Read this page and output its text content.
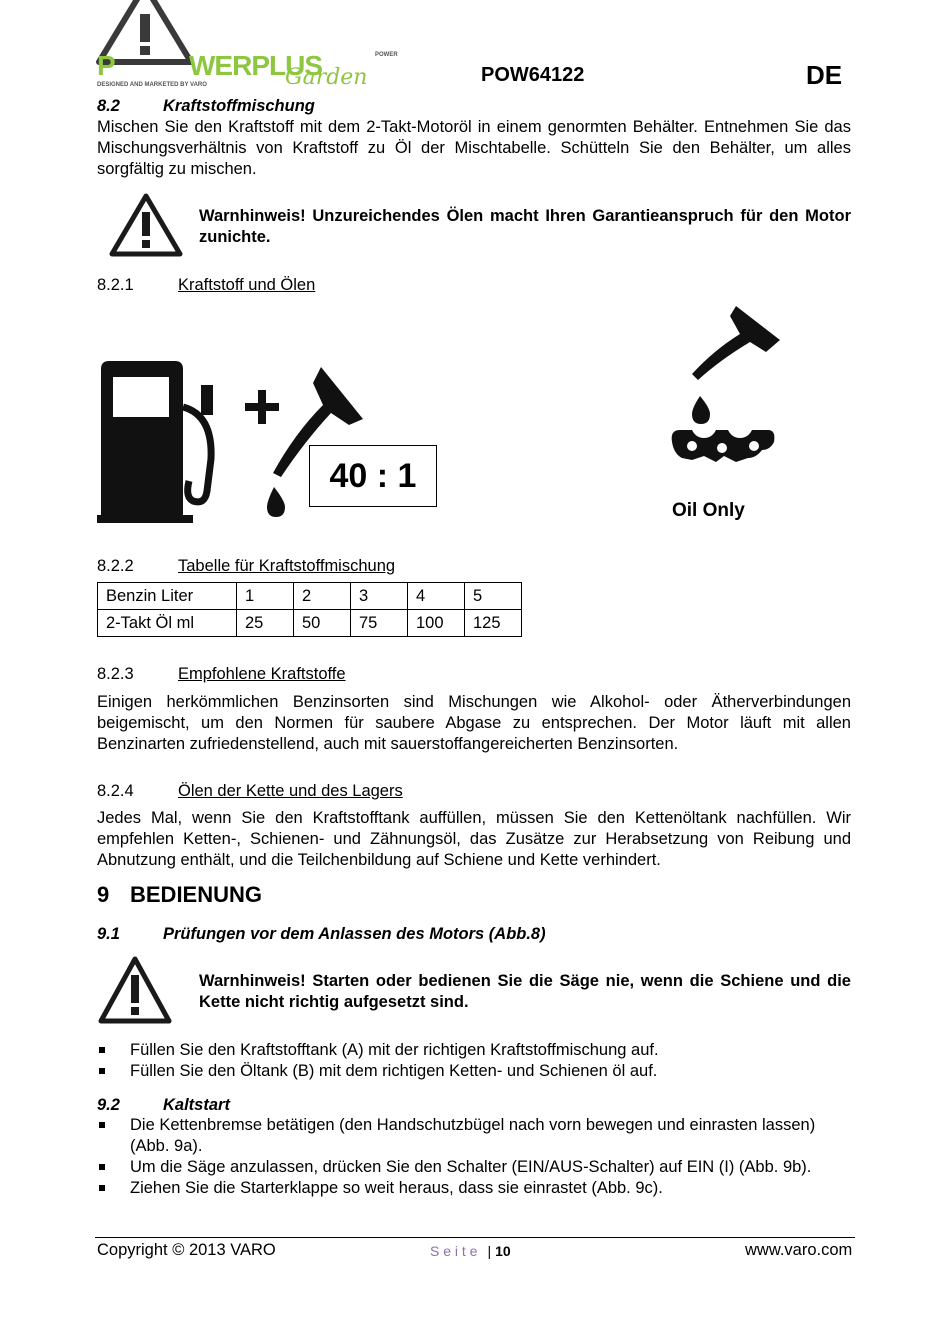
P	WERPLUS
Garden
POWER
DESIGNED AND MARKETED BY VARO	POW64122	DE
8.2	Kraftstoffmischung
Mischen Sie den Kraftstoff mit dem 2-Takt-Motoröl in einem genormten Behälter. Entnehmen Sie das Mischungsverhältnis von Kraftstoff zu Öl der Mischtabelle. Schütteln Sie den Behälter, um alles sorgfältig zu mischen.
Warnhinweis! Unzureichendes Ölen macht Ihren Garantieanspruch für den Motor zunichte.
8.2.1	Kraftstoff und Ölen
40 : 1
Oil Only
8.2.2	Tabelle für Kraftstoffmischung
Benzin Liter	1	2	3	4	5
2-Takt Öl ml	25	50	75	100	125
8.2.3	Empfohlene Kraftstoffe
Einigen herkömmlichen Benzinsorten sind Mischungen wie Alkohol- oder Ätherverbindungen beigemischt, um den Normen für saubere Abgase zu entsprechen. Der Motor läuft mit allen Benzinarten zufriedenstellend, auch mit sauerstoffangereicherten Benzinsorten.
8.2.4	Ölen der Kette und des Lagers
Jedes Mal, wenn Sie den Kraftstofftank auffüllen, müssen Sie den Kettenöltank nachfüllen. Wir empfehlen Ketten-, Schienen- und Zähnungsöl, das Zusätze zur Herabsetzung von Reibung und Abnutzung enthält, und die Teilchenbildung auf Schiene und Kette verhindert.
9 BEDIENUNG
9.1	Prüfungen vor dem Anlassen des Motors (Abb.8)
Warnhinweis! Starten oder bedienen Sie die Säge nie, wenn die Schiene und die Kette nicht richtig aufgesetzt sind.
Füllen Sie den Kraftstofftank (A) mit der richtigen Kraftstoffmischung auf.
Füllen Sie den Öltank (B) mit dem richtigen Ketten- und Schienen öl auf.
9.2	Kaltstart
Die Kettenbremse betätigen (den Handschutzbügel nach vorn bewegen und einrasten lassen) (Abb. 9a).
Um die Säge anzulassen, drücken Sie den Schalter (EIN/AUS-Schalter) auf EIN (I) (Abb. 9b).
Ziehen Sie die Starterklappe so weit heraus, dass sie einrastet (Abb. 9c).
Copyright © 2013 VARO	S e i t e | 10	www.varo.com
